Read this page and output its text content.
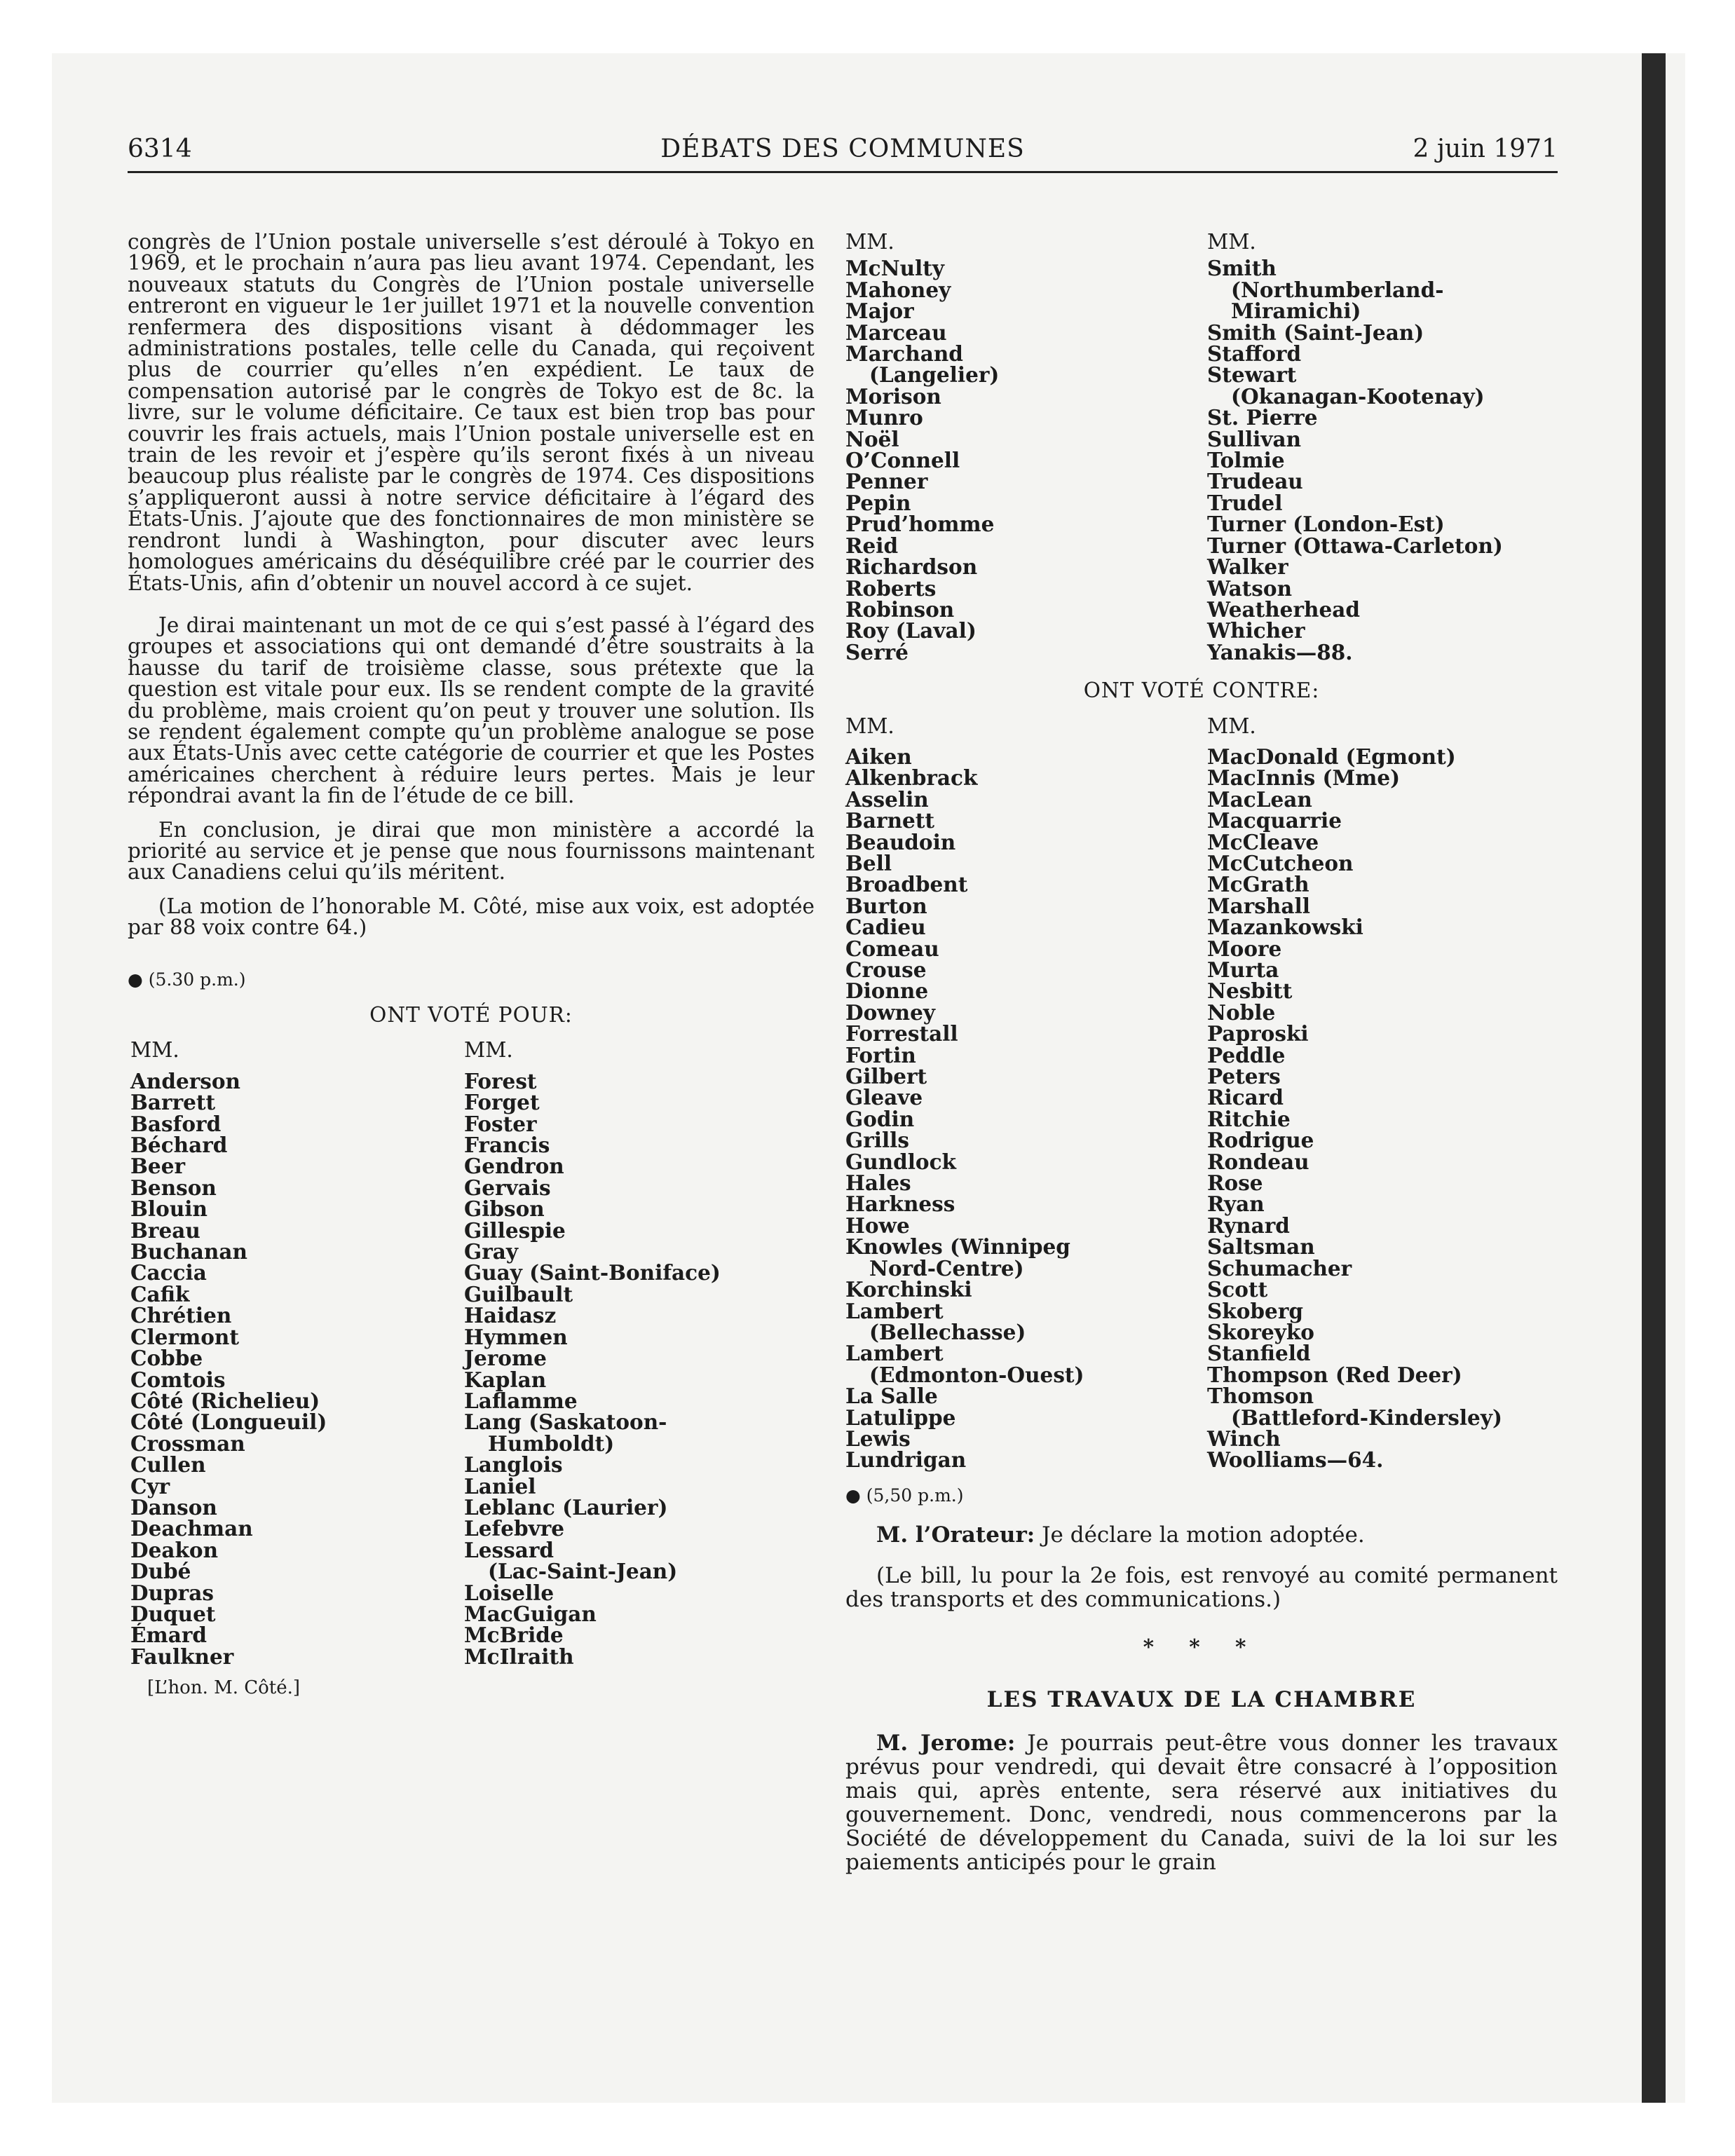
6314	DÉBATS DES COMMUNES	2 juin 1971

congrès de l’Union postale universelle s’est déroulé à Tokyo en 1969, et le prochain n’aura pas lieu avant 1974. Cependant, les nouveaux statuts du Congrès de l’Union postale universelle entreront en vigueur le 1er juillet 1971 et la nouvelle convention renfermera des dispositions visant à dédommager les administrations postales, telle celle du Canada, qui reçoivent plus de courrier qu’elles n’en expédient. Le taux de compensation autorisé par le congrès de Tokyo est de 8c. la livre, sur le volume déficitaire. Ce taux est bien trop bas pour couvrir les frais actuels, mais l’Union postale universelle est en train de les revoir et j’espère qu’ils seront fixés à un niveau beaucoup plus réaliste par le congrès de 1974. Ces dispositions s’appliqueront aussi à notre service déficitaire à l’égard des États-Unis. J’ajoute que des fonctionnaires de mon ministère se rendront lundi à Washington, pour discuter avec leurs homologues américains du déséquilibre créé par le courrier des États-Unis, afin d’obtenir un nouvel accord à ce sujet.

Je dirai maintenant un mot de ce qui s’est passé à l’égard des groupes et associations qui ont demandé d’être soustraits à la hausse du tarif de troisième classe, sous prétexte que la question est vitale pour eux. Ils se rendent compte de la gravité du problème, mais croient qu’on peut y trouver une solution. Ils se rendent également compte qu’un problème analogue se pose aux États-Unis avec cette catégorie de courrier et que les Postes américaines cherchent à réduire leurs pertes. Mais je leur répondrai avant la fin de l’étude de ce bill.

En conclusion, je dirai que mon ministère a accordé la priorité au service et je pense que nous fournissons maintenant aux Canadiens celui qu’ils méritent.

(La motion de l’honorable M. Côté, mise aux voix, est adoptée par 88 voix contre 64.)

● (5.30 p.m.)

ONT VOTÉ POUR:

MM.

Anderson
Barrett
Basford
Béchard
Beer
Benson
Blouin
Breau
Buchanan
Caccia
Cafik
Chrétien
Clermont
Cobbe
Comtois
Côté (Richelieu)
Côté (Longueuil)
Crossman
Cullen
Cyr
Danson
Deachman
Deakon
Dubé
Dupras
Duquet
Émard
Faulkner

MM.

Forest
Forget
Foster
Francis
Gendron
Gervais
Gibson
Gillespie
Gray
Guay (Saint-Boniface)
Guilbault
Haidasz
Hymmen
Jerome
Kaplan
Laflamme
Lang (Saskatoon-
Humboldt)
Langlois
Laniel
Leblanc (Laurier)
Lefebvre
Lessard
(Lac-Saint-Jean)
Loiselle
MacGuigan
McBride
McIlraith
[L’hon. M. Côté.]

MM.

McNulty
Mahoney
Major
Marceau
Marchand
(Langelier)
Morison
Munro
Noël
O’Connell
Penner
Pepin
Prud’homme
Reid
Richardson
Roberts
Robinson
Roy (Laval)
Serré

MM.

Smith
(Northumberland-
Miramichi)
Smith (Saint-Jean)
Stafford
Stewart
(Okanagan-Kootenay)
St. Pierre
Sullivan
Tolmie
Trudeau
Trudel
Turner (London-Est)
Turner (Ottawa-Carleton)
Walker
Watson
Weatherhead
Whicher
Yanakis—88.

ONT VOTÉ CONTRE:

MM.

Aiken
Alkenbrack
Asselin
Barnett
Beaudoin
Bell
Broadbent
Burton
Cadieu
Comeau
Crouse
Dionne
Downey
Forrestall
Fortin
Gilbert
Gleave
Godin
Grills
Gundlock
Hales
Harkness
Howe
Knowles (Winnipeg
Nord-Centre)
Korchinski
Lambert
(Bellechasse)
Lambert
(Edmonton-Ouest)
La Salle
Latulippe
Lewis
Lundrigan

MM.

MacDonald (Egmont)
MacInnis (Mme)
MacLean
Macquarrie
McCleave
McCutcheon
McGrath
Marshall
Mazankowski
Moore
Murta
Nesbitt
Noble
Paproski
Peddle
Peters
Ricard
Ritchie
Rodrigue
Rondeau
Rose
Ryan
Rynard
Saltsman
Schumacher
Scott
Skoberg
Skoreyko
Stanfield
Thompson (Red Deer)
Thomson
(Battleford-Kindersley)
Winch
Woolliams—64.

● (5,50 p.m.)

M. l’Orateur: Je déclare la motion adoptée.

(Le bill, lu pour la 2e fois, est renvoyé au comité permanent des transports et des communications.)

* * *

LES TRAVAUX DE LA CHAMBRE

M. Jerome: Je pourrais peut-être vous donner les travaux prévus pour vendredi, qui devait être consacré à l’opposition mais qui, après entente, sera réservé aux initiatives du gouvernement. Donc, vendredi, nous commencerons par la Société de développement du Canada, suivi de la loi sur les paiements anticipés pour le grain
